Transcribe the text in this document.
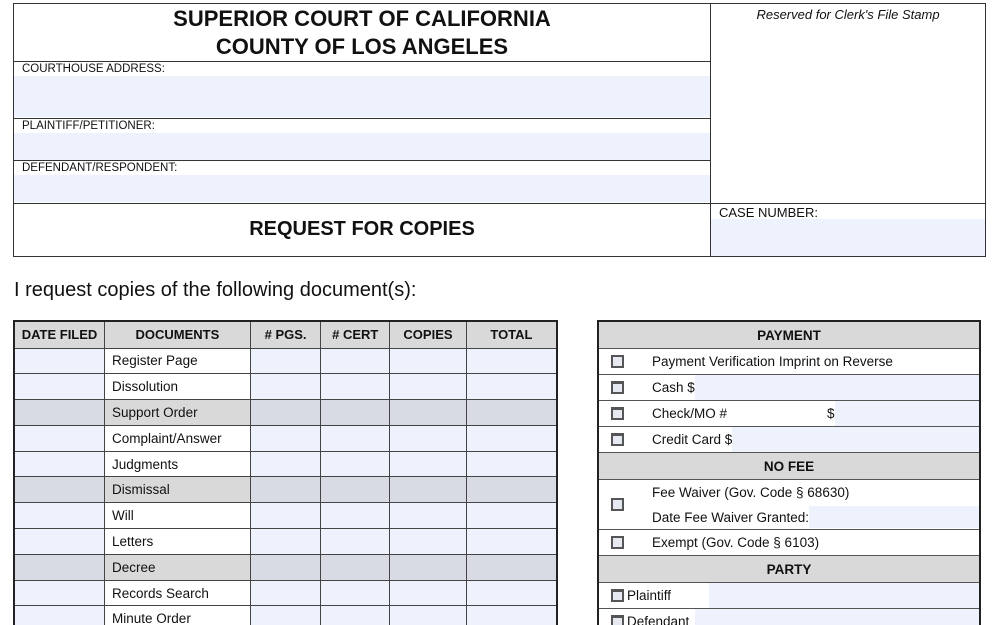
SUPERIOR COURT OF CALIFORNIA
COUNTY OF LOS ANGELES
COURTHOUSE ADDRESS:
PLAINTIFF/PETITIONER:
DEFENDANT/RESPONDENT:
REQUEST FOR COPIES
Reserved for Clerk's File Stamp
CASE NUMBER:
I request copies of the following document(s):
DATE FILED	DOCUMENTS	# PGS.	# CERT	COPIES	TOTAL
	Register Page				
	Dissolution				
	Support Order				
	Complaint/Answer				
	Judgments				
	Dismissal				
	Will				
	Letters				
	Decree				
	Records Search				
	Minute Order				
PAYMENT
Payment Verification Imprint on Reverse
Cash $
Check/MO #	$
Credit Card $
NO FEE
Fee Waiver (Gov. Code § 68630)
Date Fee Waiver Granted:
Exempt (Gov. Code § 6103)
PARTY
Plaintiff
Defendant
